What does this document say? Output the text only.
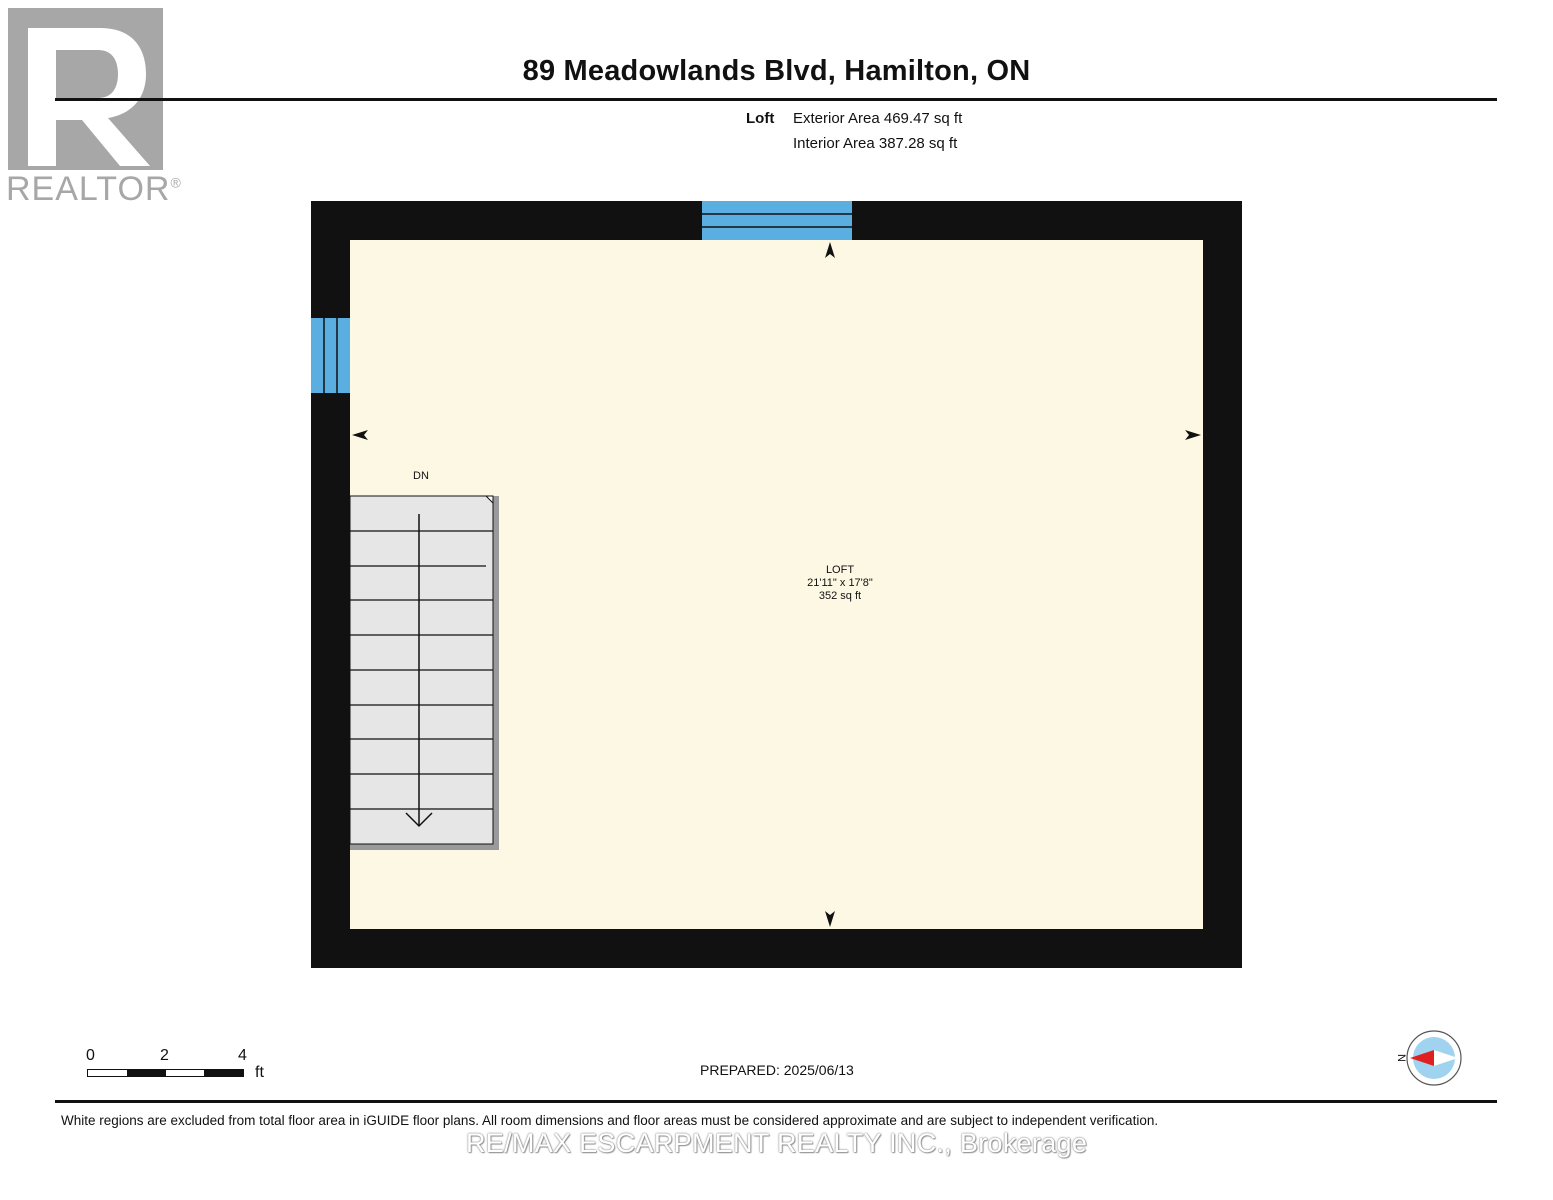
REALTOR®
89 Meadowlands Blvd, Hamilton, ON
Loft Exterior Area 469.47 sq ft
Interior Area 387.28 sq ft
DN
LOFT
21'11" x 17'8"
352 sq ft
0	2	4
ft	PREPARED: 2025/06/13
N
White regions are excluded from total floor area in iGUIDE floor plans. All room dimensions and floor areas must be considered approximate and are subject to independent verification.
RE/MAX ESCARPMENT REALTY INC., Brokerage
